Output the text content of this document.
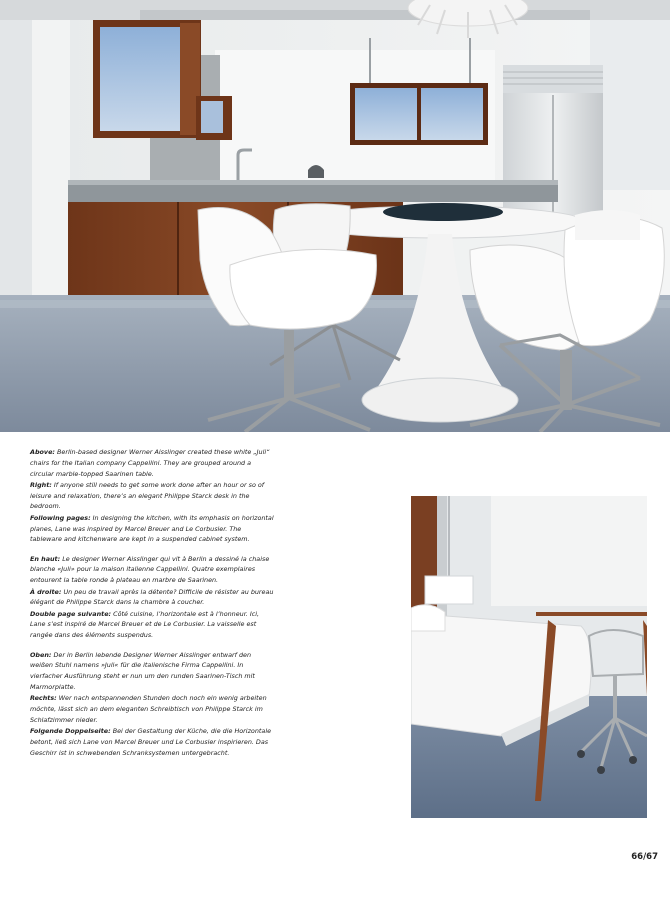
Above: Berlin-based designer Werner Aisslinger created these white „Juli“ chairs for the Italian company Cappellini. They are grouped around a circular marble-topped Saarinen table.

Right: If anyone still needs to get some work done after an hour or so of leisure and relaxation, there’s an elegant Philippe Starck desk in the bedroom.

Following pages: In designing the kitchen, with its emphasis on horizontal planes, Lane was inspired by Marcel Breuer and Le Corbusier. The tableware and kitchenware are kept in a suspended cabinet system.

En haut: Le designer Werner Aisslinger qui vit à Berlin a dessiné la chaise blanche «Juli» pour la maison italienne Cappellini. Quatre exemplaires entourent la table ronde à plateau en marbre de Saarinen.

À droite: Un peu de travail après la détente? Difficile de résister au bureau élégant de Philippe Starck dans la chambre à coucher.

Double page suivante: Côté cuisine, l’horizontale est à l’honneur. Ici, Lane s’est inspiré de Marcel Breuer et de Le Corbusier. La vaisselle est rangée dans des éléments suspendus.

Oben: Der in Berlin lebende Designer Werner Aisslinger entwarf den weißen Stuhl namens »Juli« für die italienische Firma Cappellini. In vierfacher Ausführung steht er nun um den runden Saarinen-Tisch mit Marmorplatte.

Rechts: Wer nach entspannenden Stunden doch noch ein wenig arbeiten möchte, lässt sich an dem eleganten Schreibtisch von Philippe Starck im Schlafzimmer nieder.

Folgende Doppelseite: Bei der Gestaltung der Küche, die die Horizontale betont, ließ sich Lane von Marcel Breuer und Le Corbusier inspirieren. Das Geschirr ist in schwebenden Schranksystemen untergebracht.

66/67
